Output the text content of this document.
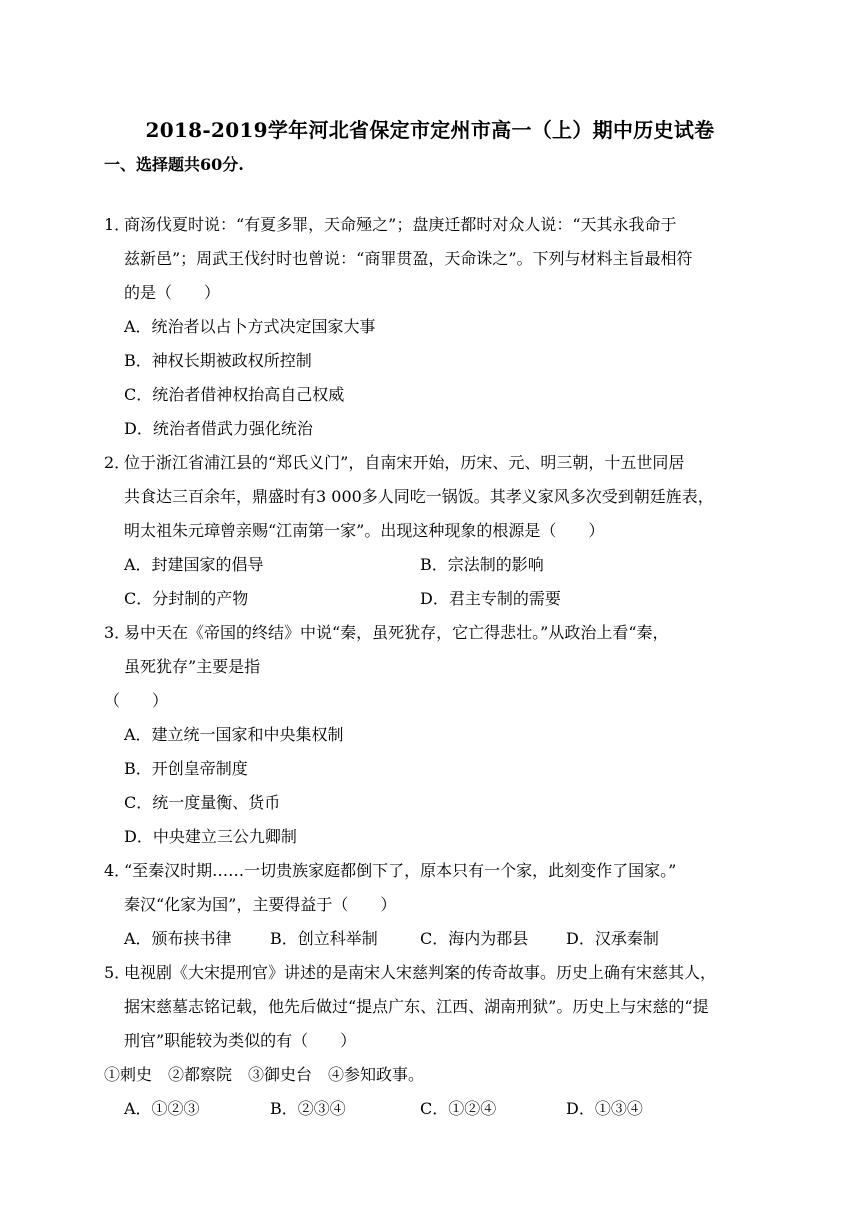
2018-2019学年河北省保定市定州市高一（上）期中历史试卷
一、选择题共60分.
1．
商汤伐夏时说：“有夏多罪，天命殛之”；盘庚迁都时对众人说：“天其永我命于
兹新邑”；周武王伐纣时也曾说：“商罪贯盈，天命诛之”。下列与材料主旨最相符
的是（　　）
A．统治者以占卜方式决定国家大事
B．神权长期被政权所控制
C．统治者借神权抬高自己权威
D．统治者借武力强化统治
2．
位于浙江省浦江县的“郑氏义门”，自南宋开始，历宋、元、明三朝，十五世同居
共食达三百余年，鼎盛时有3 000多人同吃一锅饭。其孝义家风多次受到朝廷旌表，
明太祖朱元璋曾亲赐“江南第一家”。出现这种现象的根源是（　　）
A．封建国家的倡导	B．宗法制的影响
C．分封制的产物	D．君主专制的需要
3．
易中天在《帝国的终结》中说“秦，虽死犹存，它亡得悲壮。”从政治上看“秦，
虽死犹存”主要是指
（　　）
A．建立统一国家和中央集权制
B．开创皇帝制度
C．统一度量衡、货币
D．中央建立三公九卿制
4．
“至秦汉时期……一切贵族家庭都倒下了，原本只有一个家，此刻变作了国家。”
秦汉“化家为国”，主要得益于（　　）
A．颁布挟书律 B．创立科举制	C．海内为郡县 D．汉承秦制
5．
电视剧《大宋提刑官》讲述的是南宋人宋慈判案的传奇故事。历史上确有宋慈其人，
据宋慈墓志铭记载，他先后做过“提点广东、江西、湖南刑狱”。历史上与宋慈的“提
刑官”职能较为类似的有（　　）
①刺史　②都察院　③御史台　④参知政事。
A．①②③	B．②③④	C．①②④	D．①③④
